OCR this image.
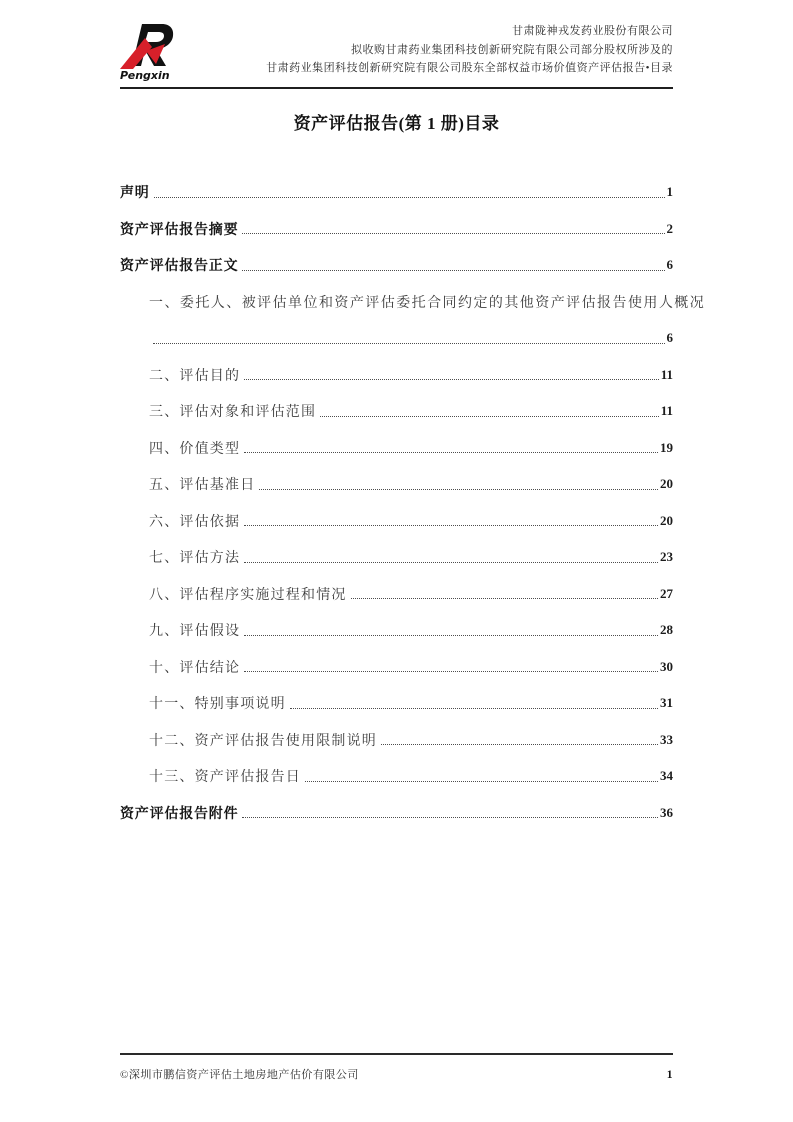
Pengxin
甘肃陇神戎发药业股份有限公司
拟收购甘肃药业集团科技创新研究院有限公司部分股权所涉及的
甘肃药业集团科技创新研究院有限公司股东全部权益市场价值资产评估报告•目录
资产评估报告(第 1 册)目录
声明	1
资产评估报告摘要	2
资产评估报告正文	6
一、委托人、被评估单位和资产评估委托合同约定的其他资产评估报告使用人概况
6
二、评估目的	11
三、评估对象和评估范围	11
四、价值类型	19
五、评估基准日	20
六、评估依据	20
七、评估方法	23
八、评估程序实施过程和情况	27
九、评估假设	28
十、评估结论	30
十一、特别事项说明	31
十二、资产评估报告使用限制说明	33
十三、资产评估报告日	34
资产评估报告附件	36
©深圳市鹏信资产评估土地房地产估价有限公司	1
